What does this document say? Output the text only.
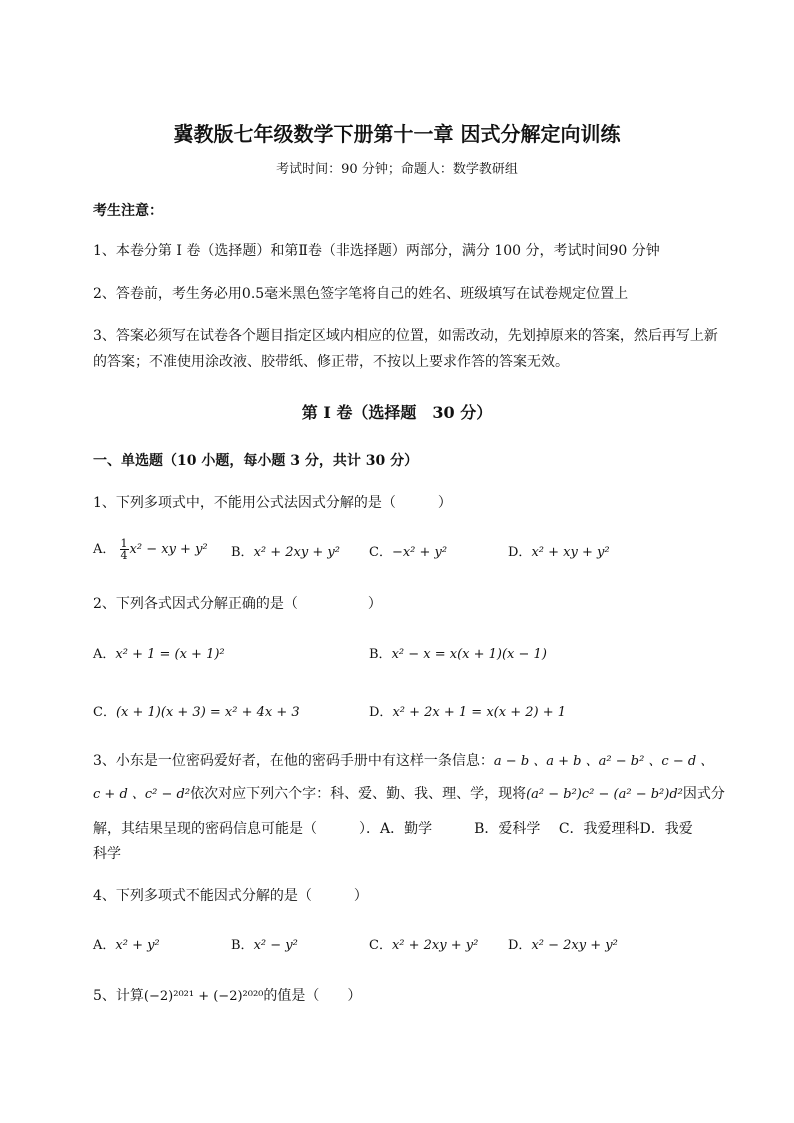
冀教版七年级数学下册第十一章 因式分解定向训练
考试时间：90 分钟；命题人：数学教研组
考生注意：
1、本卷分第 I 卷（选择题）和第Ⅱ卷（非选择题）两部分，满分 100 分，考试时间90 分钟
2、答卷前，考生务必用0.5毫米黑色签字笔将自己的姓名、班级填写在试卷规定位置上
3、答案必须写在试卷各个题目指定区域内相应的位置，如需改动，先划掉原来的答案，然后再写上新
的答案；不准使用涂改液、胶带纸、修正带，不按以上要求作答的答案无效。
第 I 卷（选择题　30 分）
一、单选题（10 小题，每小题 3 分，共计 30 分）
1、下列多项式中，不能用公式法因式分解的是（　　　）
A． $\frac{1}{4} x^2$ − xy + y² B．x² + 2xy + y² C．−x² + y²	D．x² + xy + y²
2、下列各式因式分解正确的是（　　　　　）
A．x² + 1 = (x + 1)²	B．x² − x = x(x + 1)(x − 1)
C．(x + 1)(x + 3) = x² + 4x + 3	D．x² + 2x + 1 = x(x + 2) + 1
3、小东是一位密码爱好者，在他的密码手册中有这样一条信息：a − b 、a + b 、a² − b² 、c − d 、
c + d 、c² − d²依次对应下列六个字：科、爱、勤、我、理、学，现将(a² − b²)c² − (a² − b²)d²因式分
解，其结果呈现的密码信息可能是（　　　）．A．勤学　　　B．爱科学　 C．我爱理科D．我爱
科学
4、下列多项式不能因式分解的是（　　　）
A．x² + y²	B．x² − y²	C．x² + 2xy + y² D．x² − 2xy + y²
5、计算(−2)²⁰²¹ + (−2)²⁰²⁰的值是（　　）
